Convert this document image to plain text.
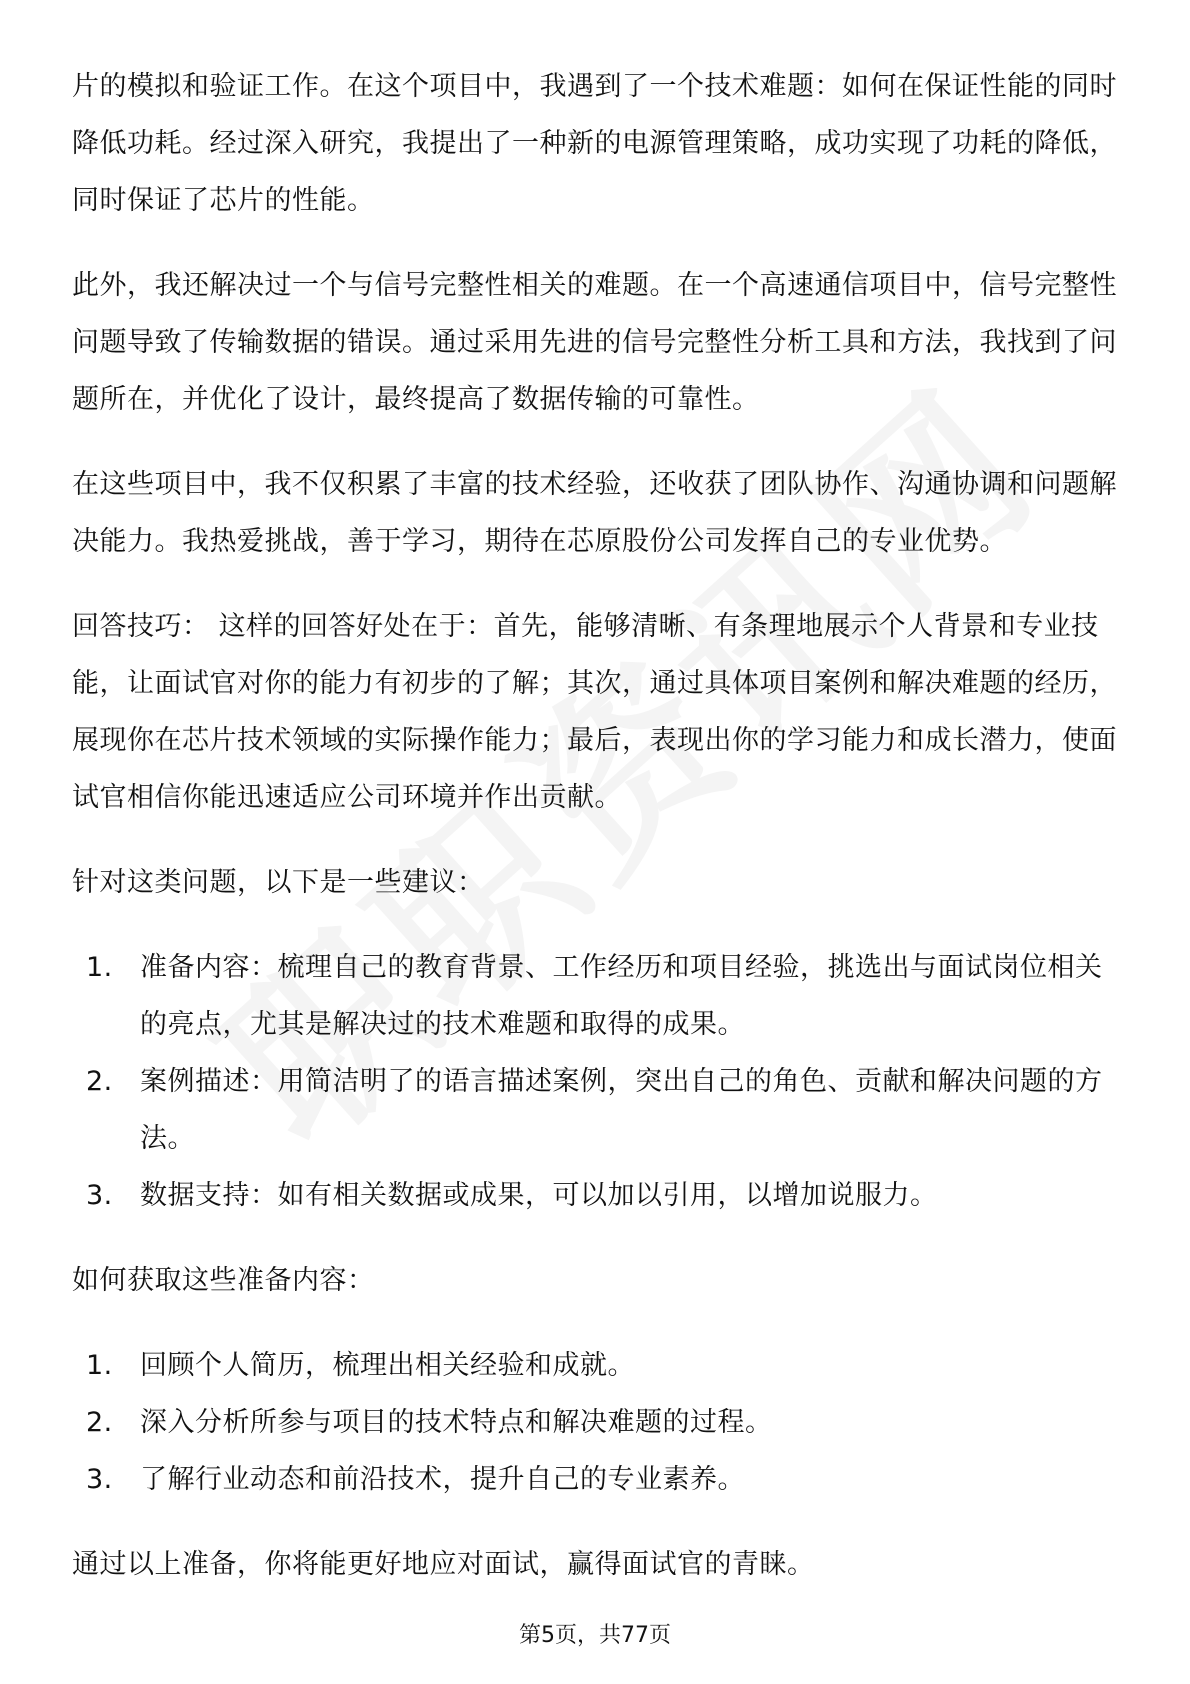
片的模拟和验证工作。在这个项目中，我遇到了一个技术难题：如何在保证性能的同时降低功耗。经过深入研究，我提出了一种新的电源管理策略，成功实现了功耗的降低，同时保证了芯片的性能。

此外，我还解决过一个与信号完整性相关的难题。在一个高速通信项目中，信号完整性问题导致了传输数据的错误。通过采用先进的信号完整性分析工具和方法，我找到了问题所在，并优化了设计，最终提高了数据传输的可靠性。

在这些项目中，我不仅积累了丰富的技术经验，还收获了团队协作、沟通协调和问题解决能力。我热爱挑战，善于学习，期待在芯原股份公司发挥自己的专业优势。

回答技巧： 这样的回答好处在于：首先，能够清晰、有条理地展示个人背景和专业技能，让面试官对你的能力有初步的了解；其次，通过具体项目案例和解决难题的经历，展现你在芯片技术领域的实际操作能力；最后，表现出你的学习能力和成长潜力，使面试官相信你能迅速适应公司环境并作出贡献。

针对这类问题，以下是一些建议：

1. 准备内容：梳理自己的教育背景、工作经历和项目经验，挑选出与面试岗位相关的亮点，尤其是解决过的技术难题和取得的成果。
2. 案例描述：用简洁明了的语言描述案例，突出自己的角色、贡献和解决问题的方法。
3. 数据支持：如有相关数据或成果，可以加以引用，以增加说服力。

如何获取这些准备内容：

1. 回顾个人简历，梳理出相关经验和成就。
2. 深入分析所参与项目的技术特点和解决难题的过程。
3. 了解行业动态和前沿技术，提升自己的专业素养。

通过以上准备，你将能更好地应对面试，赢得面试官的青睐。

第5页，共77页
